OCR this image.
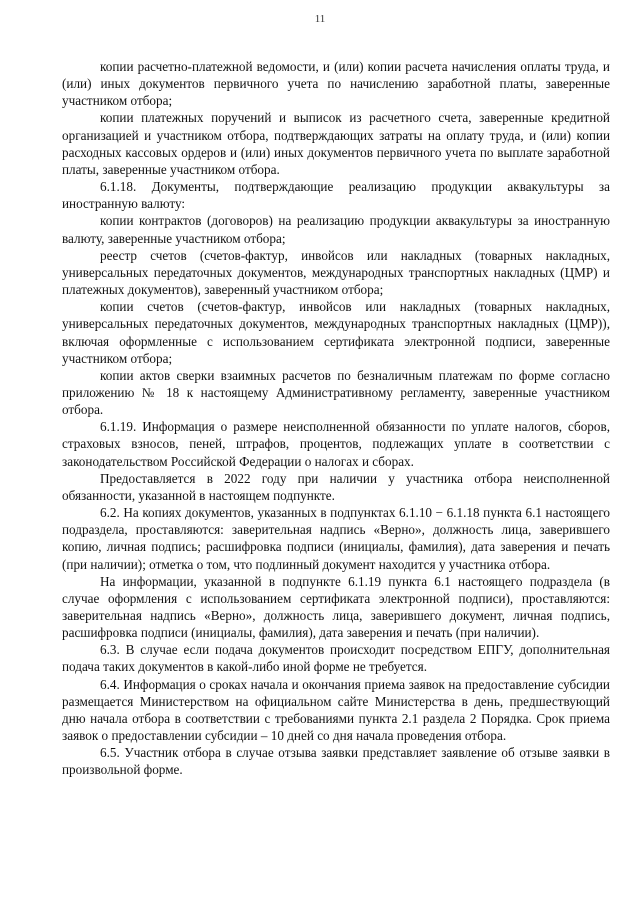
11

копии расчетно-платежной ведомости, и (или) копии расчета начисления оплаты труда, и (или) иных документов первичного учета по начислению заработной платы, заверенные участником отбора;

копии платежных поручений и выписок из расчетного счета, заверенные кредитной организацией и участником отбора, подтверждающих затраты на оплату труда, и (или) копии расходных кассовых ордеров и (или) иных документов первичного учета по выплате заработной платы, заверенные участником отбора.

6.1.18. Документы, подтверждающие реализацию продукции аквакультуры за иностранную валюту:

копии контрактов (договоров) на реализацию продукции аквакультуры за иностранную валюту, заверенные участником отбора;

реестр счетов (счетов-фактур, инвойсов или накладных (товарных накладных, универсальных передаточных документов, международных транспортных накладных (ЦМР) и платежных документов), заверенный участником отбора;

копии счетов (счетов-фактур, инвойсов или накладных (товарных накладных, универсальных передаточных документов, международных транспортных накладных (ЦМР)), включая оформленные с использованием сертификата электронной подписи, заверенные участником отбора;

копии актов сверки взаимных расчетов по безналичным платежам по форме согласно приложению № 18 к настоящему Административному регламенту, заверенные участником отбора.

6.1.19. Информация о размере неисполненной обязанности по уплате налогов, сборов, страховых взносов, пеней, штрафов, процентов, подлежащих уплате в соответствии с законодательством Российской Федерации о налогах и сборах.

Предоставляется в 2022 году при наличии у участника отбора неисполненной обязанности, указанной в настоящем подпункте.

6.2. На копиях документов, указанных в подпунктах 6.1.10 − 6.1.18 пункта 6.1 настоящего подраздела, проставляются: заверительная надпись «Верно», должность лица, заверившего копию, личная подпись; расшифровка подписи (инициалы, фамилия), дата заверения и печать (при наличии); отметка о том, что подлинный документ находится у участника отбора.

На информации, указанной в подпункте 6.1.19 пункта 6.1 настоящего подраздела (в случае оформления с использованием сертификата электронной подписи), проставляются: заверительная надпись «Верно», должность лица, заверившего документ, личная подпись, расшифровка подписи (инициалы, фамилия), дата заверения и печать (при наличии).

6.3. В случае если подача документов происходит посредством ЕПГУ, дополнительная подача таких документов в какой-либо иной форме не требуется.

6.4. Информация о сроках начала и окончания приема заявок на предоставление субсидии размещается Министерством на официальном сайте Министерства в день, предшествующий дню начала отбора в соответствии с требованиями пункта 2.1 раздела 2 Порядка. Срок приема заявок о предоставлении субсидии – 10 дней со дня начала проведения отбора.

6.5. Участник отбора в случае отзыва заявки представляет заявление об отзыве заявки в произвольной форме.
